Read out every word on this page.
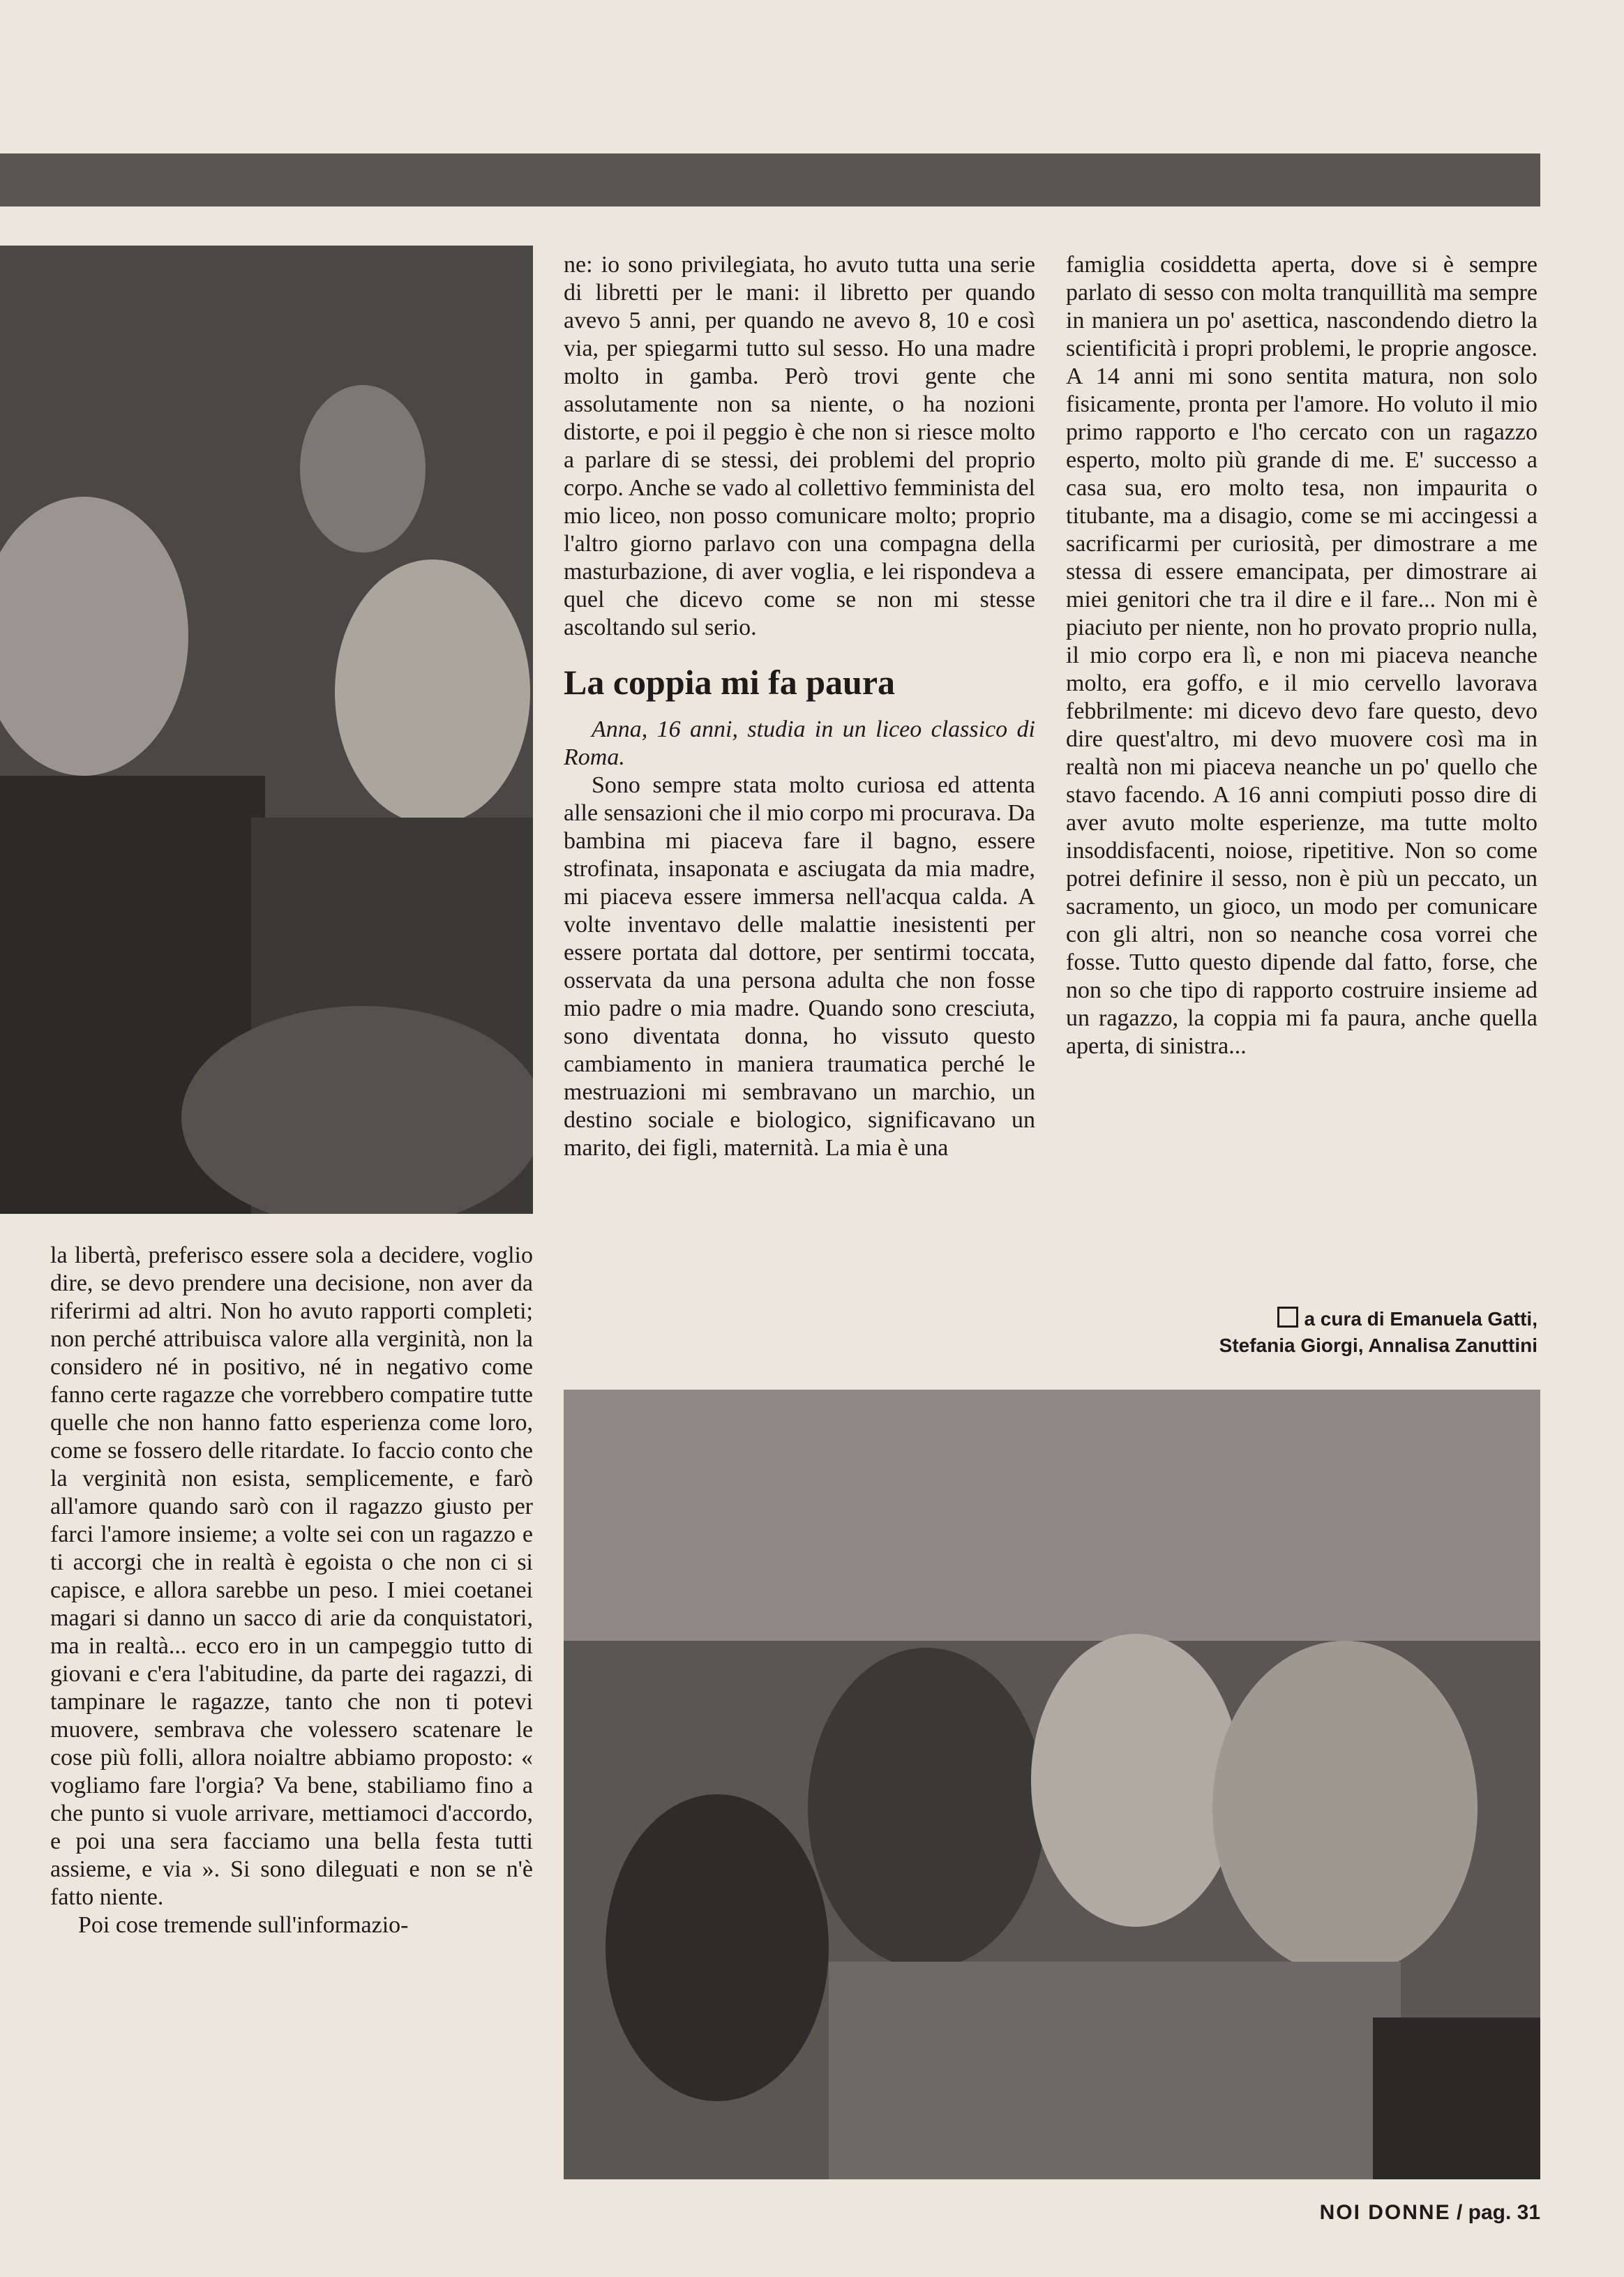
ne: io sono privilegiata, ho avuto tutta una serie di libretti per le mani: il libretto per quando avevo 5 anni, per quando ne avevo 8, 10 e così via, per spiegarmi tutto sul sesso. Ho una madre molto in gamba. Però trovi gente che assolutamente non sa niente, o ha nozioni distorte, e poi il peggio è che non si riesce molto a parlare di se stessi, dei problemi del proprio corpo. Anche se vado al collettivo femminista del mio liceo, non posso comunicare molto; proprio l'altro giorno parlavo con una compagna della masturbazione, di aver voglia, e lei rispondeva a quel che dicevo come se non mi stesse ascoltando sul serio.

La coppia mi fa paura

Anna, 16 anni, studia in un liceo classico di Roma.

Sono sempre stata molto curiosa ed attenta alle sensazioni che il mio corpo mi procurava. Da bambina mi piaceva fare il bagno, essere strofinata, insaponata e asciugata da mia madre, mi piaceva essere immersa nell'acqua calda. A volte inventavo delle malattie inesistenti per essere portata dal dottore, per sentirmi toccata, osservata da una persona adulta che non fosse mio padre o mia madre. Quando sono cresciuta, sono diventata donna, ho vissuto questo cambiamento in maniera traumatica perché le mestruazioni mi sembravano un marchio, un destino sociale e biologico, significavano un marito, dei figli, maternità. La mia è una

famiglia cosiddetta aperta, dove si è sempre parlato di sesso con molta tranquillità ma sempre in maniera un po' asettica, nascondendo dietro la scientificità i propri problemi, le proprie angosce. A 14 anni mi sono sentita matura, non solo fisicamente, pronta per l'amore. Ho voluto il mio primo rapporto e l'ho cercato con un ragazzo esperto, molto più grande di me. E' successo a casa sua, ero molto tesa, non impaurita o titubante, ma a disagio, come se mi accingessi a sacrificarmi per curiosità, per dimostrare a me stessa di essere emancipata, per dimostrare ai miei genitori che tra il dire e il fare... Non mi è piaciuto per niente, non ho provato proprio nulla, il mio corpo era lì, e non mi piaceva neanche molto, era goffo, e il mio cervello lavorava febbrilmente: mi dicevo devo fare questo, devo dire quest'altro, mi devo muovere così ma in realtà non mi piaceva neanche un po' quello che stavo facendo. A 16 anni compiuti posso dire di aver avuto molte esperienze, ma tutte molto insoddisfacenti, noiose, ripetitive. Non so come potrei definire il sesso, non è più un peccato, un sacramento, un gioco, un modo per comunicare con gli altri, non so neanche cosa vorrei che fosse. Tutto questo dipende dal fatto, forse, che non so che tipo di rapporto costruire insieme ad un ragazzo, la coppia mi fa paura, anche quella aperta, di sinistra...

a cura di Emanuela Gatti,
Stefania Giorgi, Annalisa Zanuttini

la libertà, preferisco essere sola a decidere, voglio dire, se devo prendere una decisione, non aver da riferirmi ad altri. Non ho avuto rapporti completi; non perché attribuisca valore alla verginità, non la considero né in positivo, né in negativo come fanno certe ragazze che vorrebbero compatire tutte quelle che non hanno fatto esperienza come loro, come se fossero delle ritardate. Io faccio conto che la verginità non esista, semplicemente, e farò all'amore quando sarò con il ragazzo giusto per farci l'amore insieme; a volte sei con un ragazzo e ti accorgi che in realtà è egoista o che non ci si capisce, e allora sarebbe un peso. I miei coetanei magari si danno un sacco di arie da conquistatori, ma in realtà... ecco ero in un campeggio tutto di giovani e c'era l'abitudine, da parte dei ragazzi, di tampinare le ragazze, tanto che non ti potevi muovere, sembrava che volessero scatenare le cose più folli, allora noialtre abbiamo proposto: « vogliamo fare l'orgia? Va bene, stabiliamo fino a che punto si vuole arrivare, mettiamoci d'accordo, e poi una sera facciamo una bella festa tutti assieme, e via ». Si sono dileguati e non se n'è fatto niente.

Poi cose tremende sull'informazio-

NOI DONNE / pag. 31
